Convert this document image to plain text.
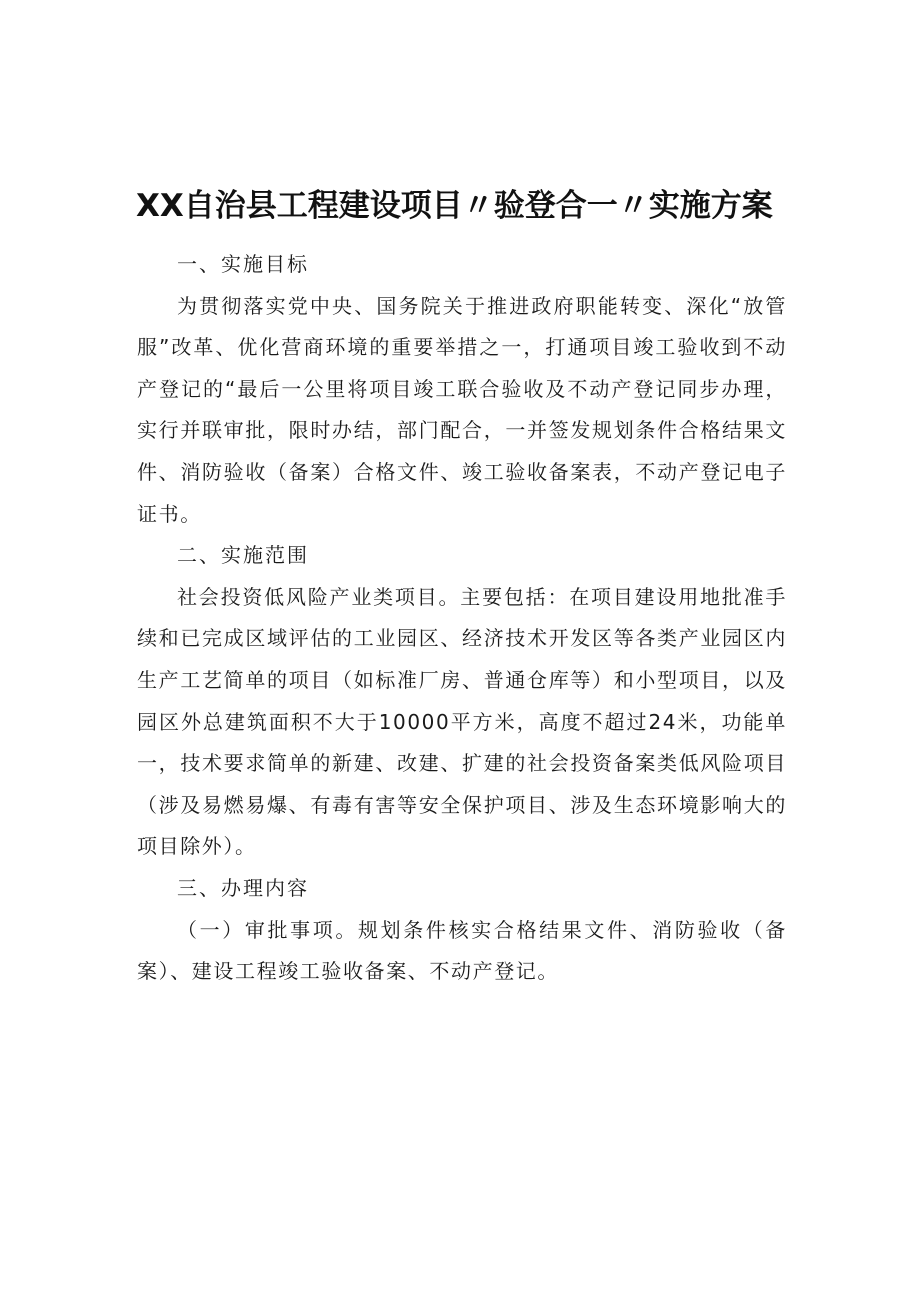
XX自治县工程建设项目〃验登合一〃实施方案

一、实施目标

为贯彻落实党中央、国务院关于推进政府职能转变、深化“放管服”改革、优化营商环境的重要举措之一，打通项目竣工验收到不动产登记的“最后一公里将项目竣工联合验收及不动产登记同步办理，实行并联审批，限时办结，部门配合，一并签发规划条件合格结果文件、消防验收（备案）合格文件、竣工验收备案表，不动产登记电子证书。

二、实施范围

社会投资低风险产业类项目。主要包括：在项目建设用地批准手续和已完成区域评估的工业园区、经济技术开发区等各类产业园区内生产工艺简单的项目（如标准厂房、普通仓库等）和小型项目，以及园区外总建筑面积不大于10000平方米，高度不超过24米，功能单一，技术要求简单的新建、改建、扩建的社会投资备案类低风险项目（涉及易燃易爆、有毒有害等安全保护项目、涉及生态环境影响大的项目除外）。

三、办理内容

（一）审批事项。规划条件核实合格结果文件、消防验收（备案）、建设工程竣工验收备案、不动产登记。
